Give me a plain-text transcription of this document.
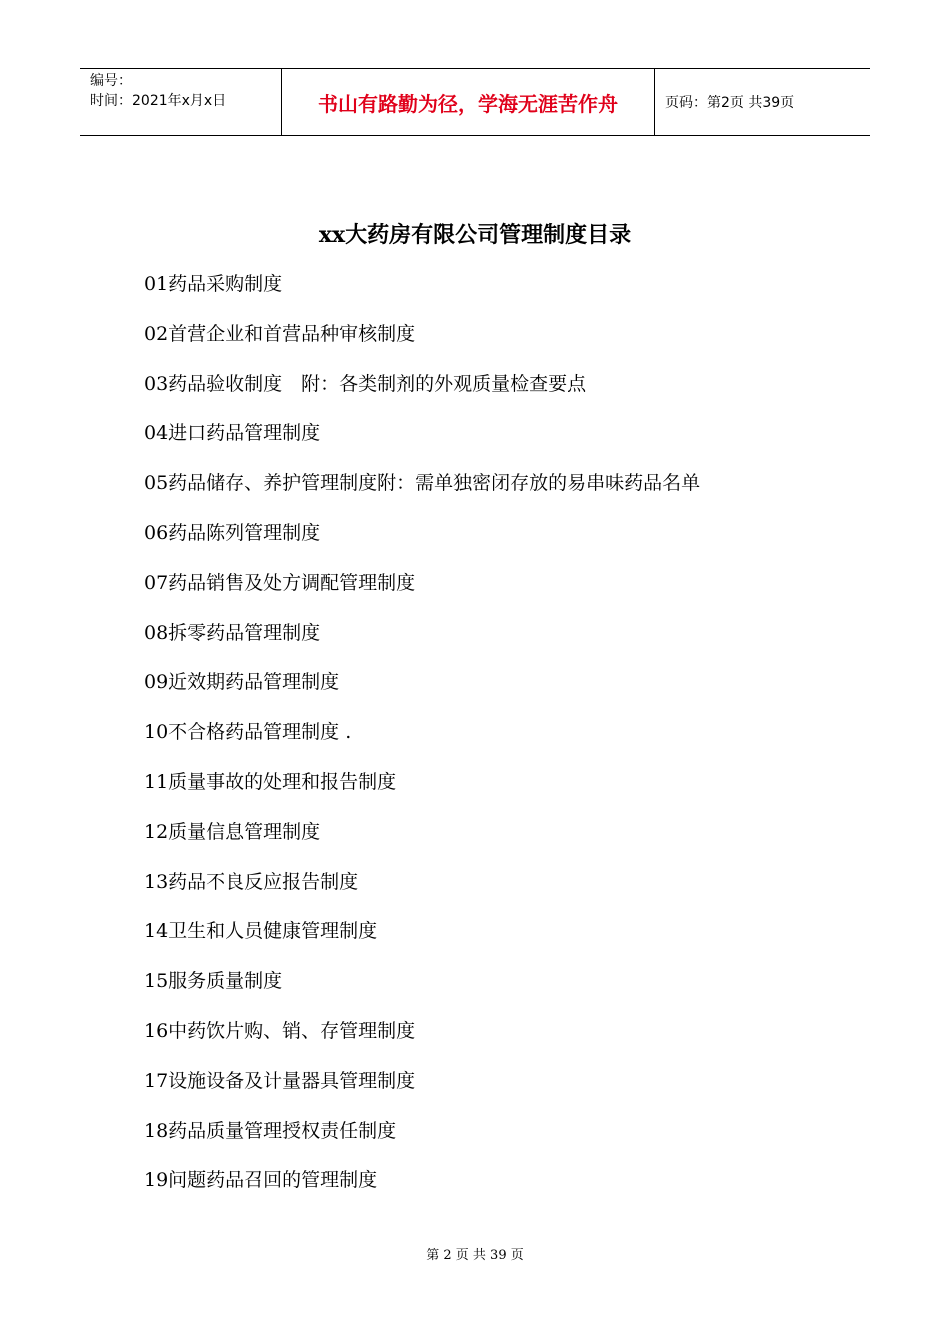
编号：
时间：2021年x月x日	书山有路勤为径，学海无涯苦作舟	页码：第2页 共39页
xx大药房有限公司管理制度目录
01药品采购制度
02首营企业和首营品种审核制度
03药品验收制度　附：各类制剂的外观质量检查要点
04进口药品管理制度
05药品储存、养护管理制度附：需单独密闭存放的易串味药品名单
06药品陈列管理制度
07药品销售及处方调配管理制度
08拆零药品管理制度
09近效期药品管理制度
10不合格药品管理制度 .
11质量事故的处理和报告制度
12质量信息管理制度
13药品不良反应报告制度
14卫生和人员健康管理制度
15服务质量制度
16中药饮片购、销、存管理制度
17设施设备及计量器具管理制度
18药品质量管理授权责任制度
19问题药品召回的管理制度
第 2 页 共 39 页
